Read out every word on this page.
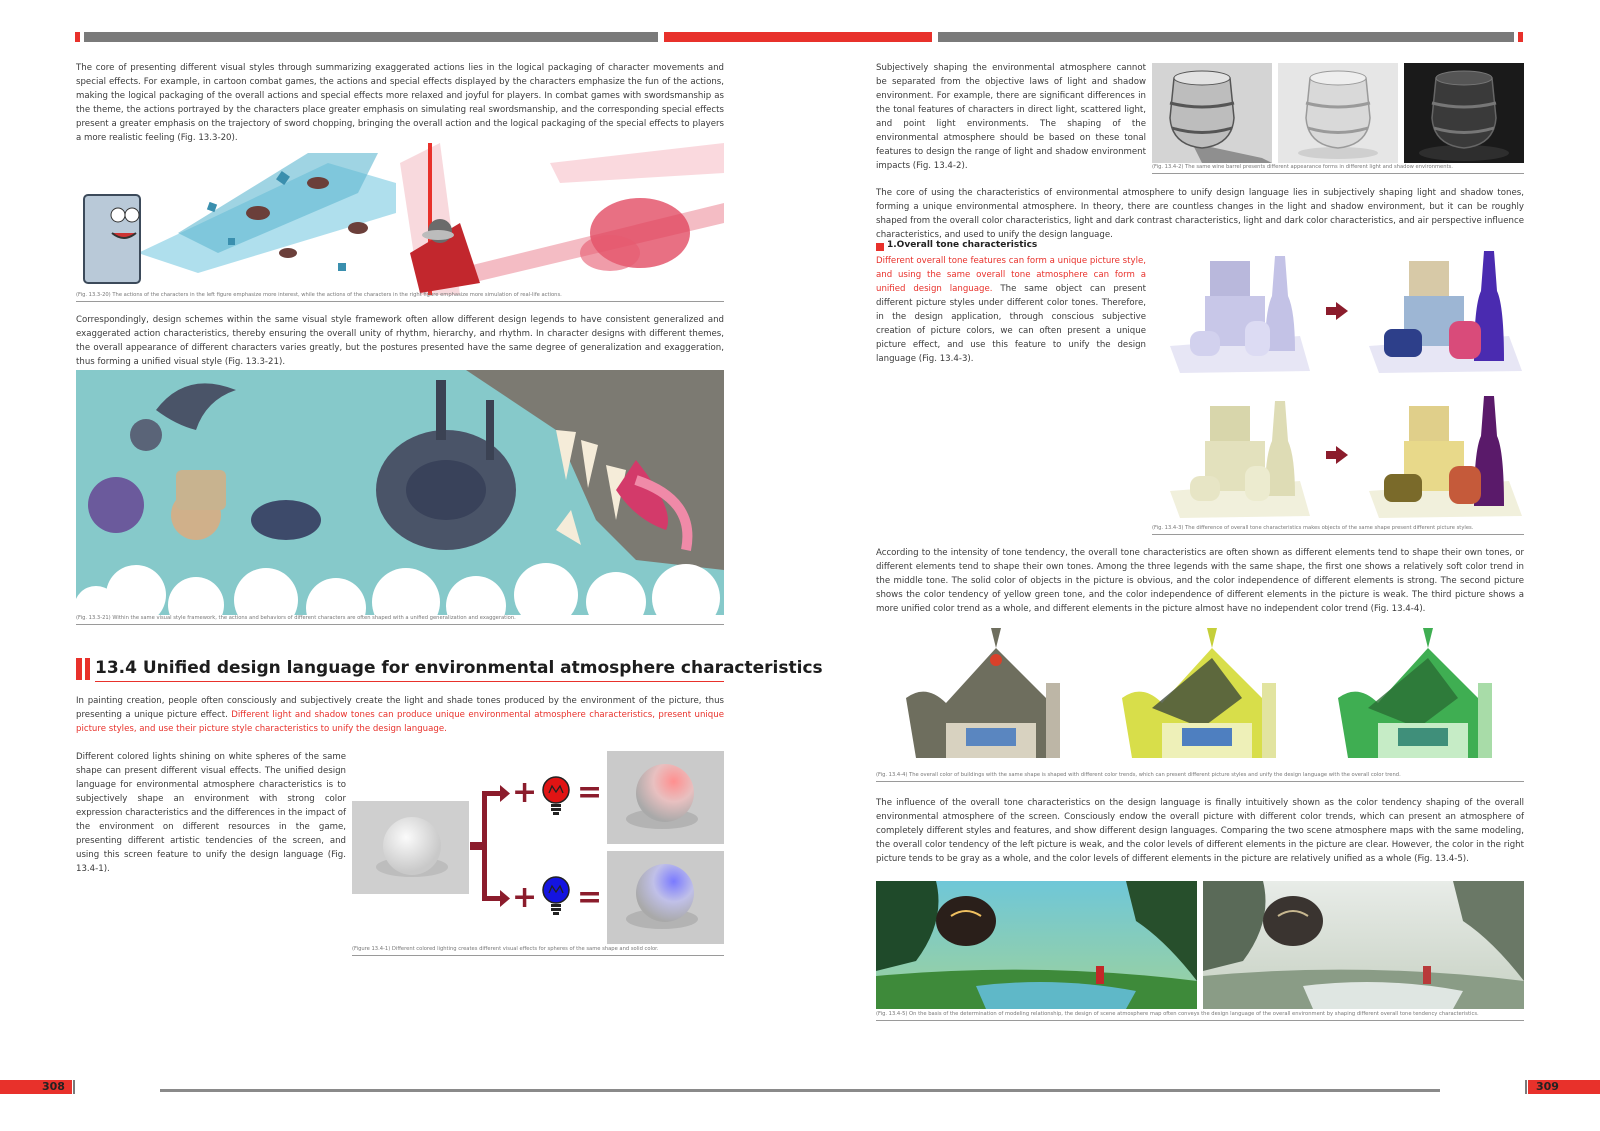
The core of presenting different visual styles through summarizing exaggerated actions lies in the logical packaging of character movements and special effects. For example, in cartoon combat games, the actions and special effects displayed by the characters emphasize the fun of the actions, making the logical packaging of the overall actions and special effects more relaxed and joyful for players. In combat games with swordsmanship as the theme, the actions portrayed by the characters place greater emphasis on simulating real swordsmanship, and the corresponding special effects present a greater emphasis on the trajectory of sword chopping, bringing the overall action and the logical packaging of the special effects to players a more realistic feeling (Fig. 13.3-20).
(Fig. 13.3-20) The actions of the characters in the left figure emphasize more interest, while the actions of the characters in the right figure emphasize more simulation of real-life actions.
Correspondingly, design schemes within the same visual style framework often allow different design legends to have consistent generalized and exaggerated action characteristics, thereby ensuring the overall unity of rhythm, hierarchy, and rhythm. In character designs with different themes, the overall appearance of different characters varies greatly, but the postures presented have the same degree of generalization and exaggeration, thus forming a unified visual style (Fig. 13.3-21).
(Fig. 13.3-21) Within the same visual style framework, the actions and behaviors of different characters are often shaped with a unified generalization and exaggeration.
13.4 Unified design language for environmental atmosphere characteristics
In painting creation, people often consciously and subjectively create the light and shade tones produced by the environment of the picture, thus presenting a unique picture effect. Different light and shadow tones can produce unique environmental atmosphere characteristics, present unique picture styles, and use their picture style characteristics to unify the design language.
Different colored lights shining on white spheres of the same shape can present different visual effects. The unified design language for environmental atmosphere characteristics is to subjectively shape an environment with strong color expression characteristics and the differences in the impact of the environment on different resources in the game, presenting different artistic tendencies of the screen, and using this screen feature to unify the design language (Fig. 13.4-1).
+
+
=
=
(Figure 13.4-1) Different colored lighting creates different visual effects for spheres of the same shape and solid color.
308
Subjectively shaping the environmental atmosphere cannot be separated from the objective laws of light and shadow environment. For example, there are significant differences in the tonal features of characters in direct light, scattered light, and point light environments. The shaping of the environmental atmosphere should be based on these tonal features to design the range of light and shadow environment impacts (Fig. 13.4-2).	(Fig. 13.4-2) The same wine barrel presents different appearance forms in different light and shadow environments.
The core of using the characteristics of environmental atmosphere to unify design language lies in subjectively shaping light and shadow tones, forming a unique environmental atmosphere. In theory, there are countless changes in the light and shadow environment, but it can be roughly shaped from the overall color characteristics, light and dark contrast characteristics, light and dark color characteristics, and air perspective influence characteristics, and used to unify the design language.
1.Overall tone characteristics
Different overall tone features can form a unique picture style, and using the same overall tone atmosphere can form a unified design language. The same object can present different picture styles under different color tones. Therefore, in the design application, through conscious subjective creation of picture colors, we can often present a unique picture effect, and use this feature to unify the design language (Fig. 13.4-3).
(Fig. 13.4-3) The difference of overall tone characteristics makes objects of the same shape present different picture styles.
According to the intensity of tone tendency, the overall tone characteristics are often shown as different elements tend to shape their own tones, or different elements tend to shape their own tones. Among the three legends with the same shape, the first one shows a relatively soft color trend in the middle tone. The solid color of objects in the picture is obvious, and the color independence of different elements is strong. The second picture shows the color tendency of yellow green tone, and the color independence of different elements in the picture is weak. The third picture shows a more unified color trend as a whole, and different elements in the picture almost have no independent color trend (Fig. 13.4-4).
(Fig. 13.4-4) The overall color of buildings with the same shape is shaped with different color trends, which can present different picture styles and unify the design language with the overall color trend.
The influence of the overall tone characteristics on the design language is finally intuitively shown as the color tendency shaping of the overall environmental atmosphere of the screen. Consciously endow the overall picture with different color trends, which can present an atmosphere of completely different styles and features, and show different design languages. Comparing the two scene atmosphere maps with the same modeling, the overall color tendency of the left picture is weak, and the color levels of different elements in the picture are clear. However, the color in the right picture tends to be gray as a whole, and the color levels of different elements in the picture are relatively unified as a whole (Fig. 13.4-5).
(Fig. 13.4-5) On the basis of the determination of modeling relationship, the design of scene atmosphere map often conveys the design language of the overall environment by shaping different overall tone tendency characteristics.
309
